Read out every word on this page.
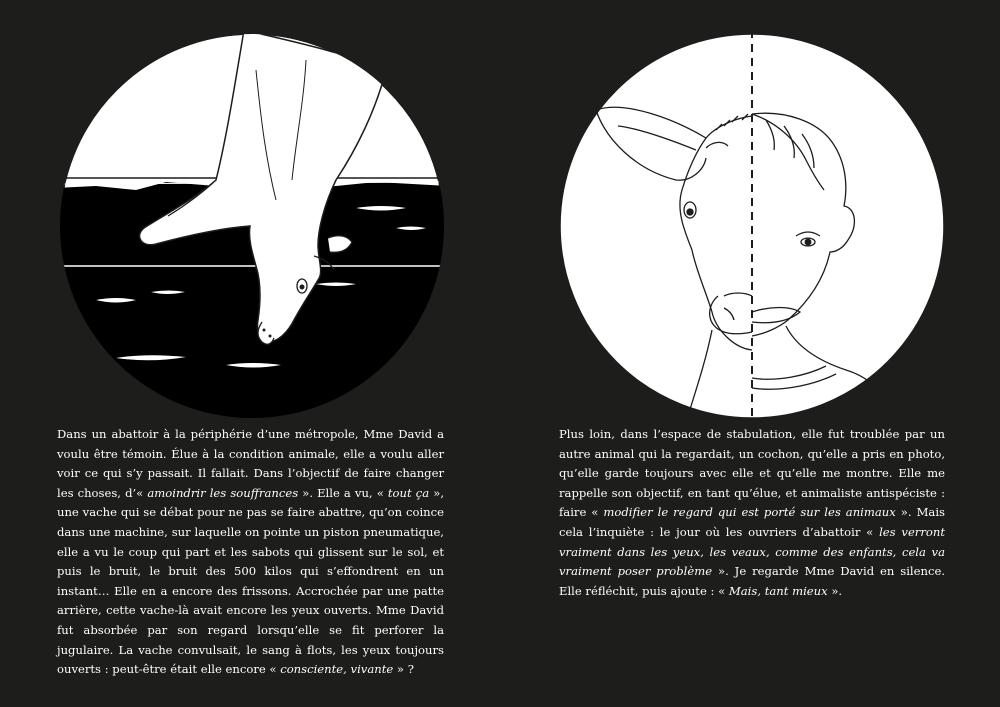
Dans un abattoir à la périphérie d’une métropole, Mme David a voulu être témoin. Élue à la condition animale, elle a voulu aller voir ce qui s’y passait. Il fallait. Dans l’objectif de faire changer les choses, d’« amoindrir les souffrances ». Elle a vu, « tout ça », une vache qui se débat pour ne pas se faire abattre, qu’on coince dans une machine, sur laquelle on pointe un piston pneumatique, elle a vu le coup qui part et les sabots qui glissent sur le sol, et puis le bruit, le bruit des 500 kilos qui s’effondrent en un instant… Elle en a encore des frissons. Accrochée par une patte arrière, cette vache-là avait encore les yeux ouverts. Mme David fut absorbée par son regard lorsqu’elle se fit perforer la jugulaire. La vache convulsait, le sang à flots, les yeux toujours ouverts : peut-être était elle encore « consciente, vivante » ?

Plus loin, dans l’espace de stabulation, elle fut troublée par un autre animal qui la regardait, un cochon, qu’elle a pris en photo, qu’elle garde toujours avec elle et qu’elle me montre. Elle me rappelle son objectif, en tant qu’élue, et animaliste antispéciste : faire « modifier le regard qui est porté sur les animaux ». Mais cela l’inquiète : le jour où les ouvriers d’abattoir « les verront vraiment dans les yeux, les veaux, comme des enfants, cela va vraiment poser problème ». Je regarde Mme David en silence. Elle réfléchit, puis ajoute : « Mais, tant mieux ».
